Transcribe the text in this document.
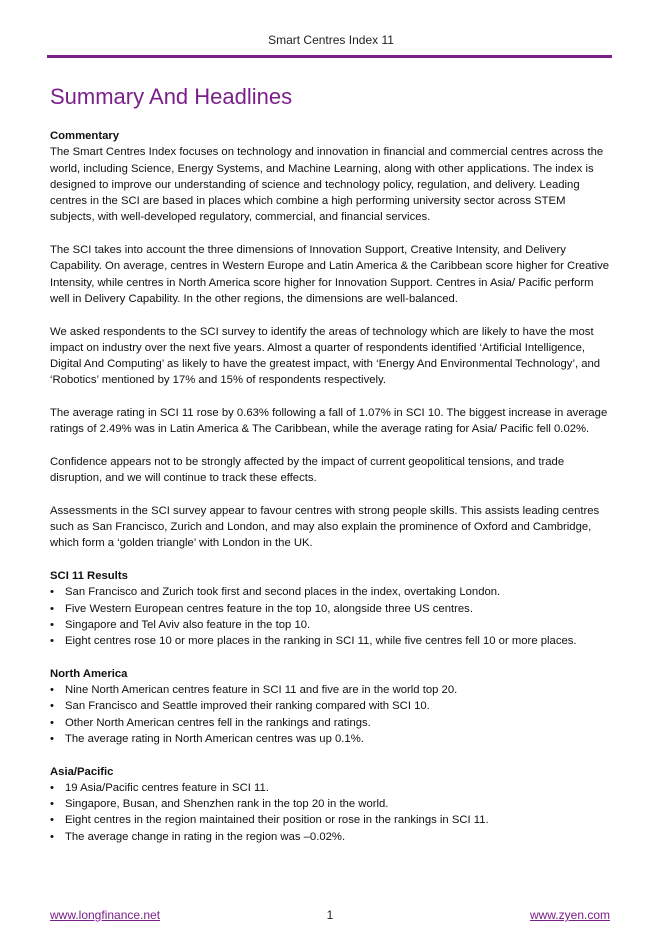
Smart Centres Index 11
Summary And Headlines
Commentary

The Smart Centres Index focuses on technology and innovation in financial and commercial centres across the world, including Science, Energy Systems, and Machine Learning, along with other applications. The index is designed to improve our understanding of science and technology policy, regulation, and delivery. Leading centres in the SCI are based in places which combine a high performing university sector across STEM subjects, with well-developed regulatory, commercial, and financial services.

The SCI takes into account the three dimensions of Innovation Support, Creative Intensity, and Delivery Capability. On average, centres in Western Europe and Latin America & the Caribbean score higher for Creative Intensity, while centres in North America score higher for Innovation Support. Centres in Asia/ Pacific perform well in Delivery Capability. In the other regions, the dimensions are well-balanced.

We asked respondents to the SCI survey to identify the areas of technology which are likely to have the most impact on industry over the next five years. Almost a quarter of respondents identified ‘Artificial Intelligence, Digital And Computing’ as likely to have the greatest impact, with ‘Energy And Environmental Technology’, and ‘Robotics’ mentioned by 17% and 15% of respondents respectively.

The average rating in SCI 11 rose by 0.63% following a fall of 1.07% in SCI 10. The biggest increase in average ratings of 2.49% was in Latin America & The Caribbean, while the average rating for Asia/ Pacific fell 0.02%.

Confidence appears not to be strongly affected by the impact of current geopolitical tensions, and trade disruption, and we will continue to track these effects.

Assessments in the SCI survey appear to favour centres with strong people skills. This assists leading centres such as San Francisco, Zurich and London, and may also explain the prominence of Oxford and Cambridge, which form a ‘golden triangle’ with London in the UK.

SCI 11 Results
• San Francisco and Zurich took first and second places in the index, overtaking London.
• Five Western European centres feature in the top 10, alongside three US centres.
• Singapore and Tel Aviv also feature in the top 10.
• Eight centres rose 10 or more places in the ranking in SCI 11, while five centres fell 10 or more places.
North America
• Nine North American centres feature in SCI 11 and five are in the world top 20.
• San Francisco and Seattle improved their ranking compared with SCI 10.
• Other North American centres fell in the rankings and ratings.
• The average rating in North American centres was up 0.1%.
Asia/Pacific
• 19 Asia/Pacific centres feature in SCI 11.
• Singapore, Busan, and Shenzhen rank in the top 20 in the world.
• Eight centres in the region maintained their position or rose in the rankings in SCI 11.
• The average change in rating in the region was –0.02%.
www.longfinance.net	1	www.zyen.com
